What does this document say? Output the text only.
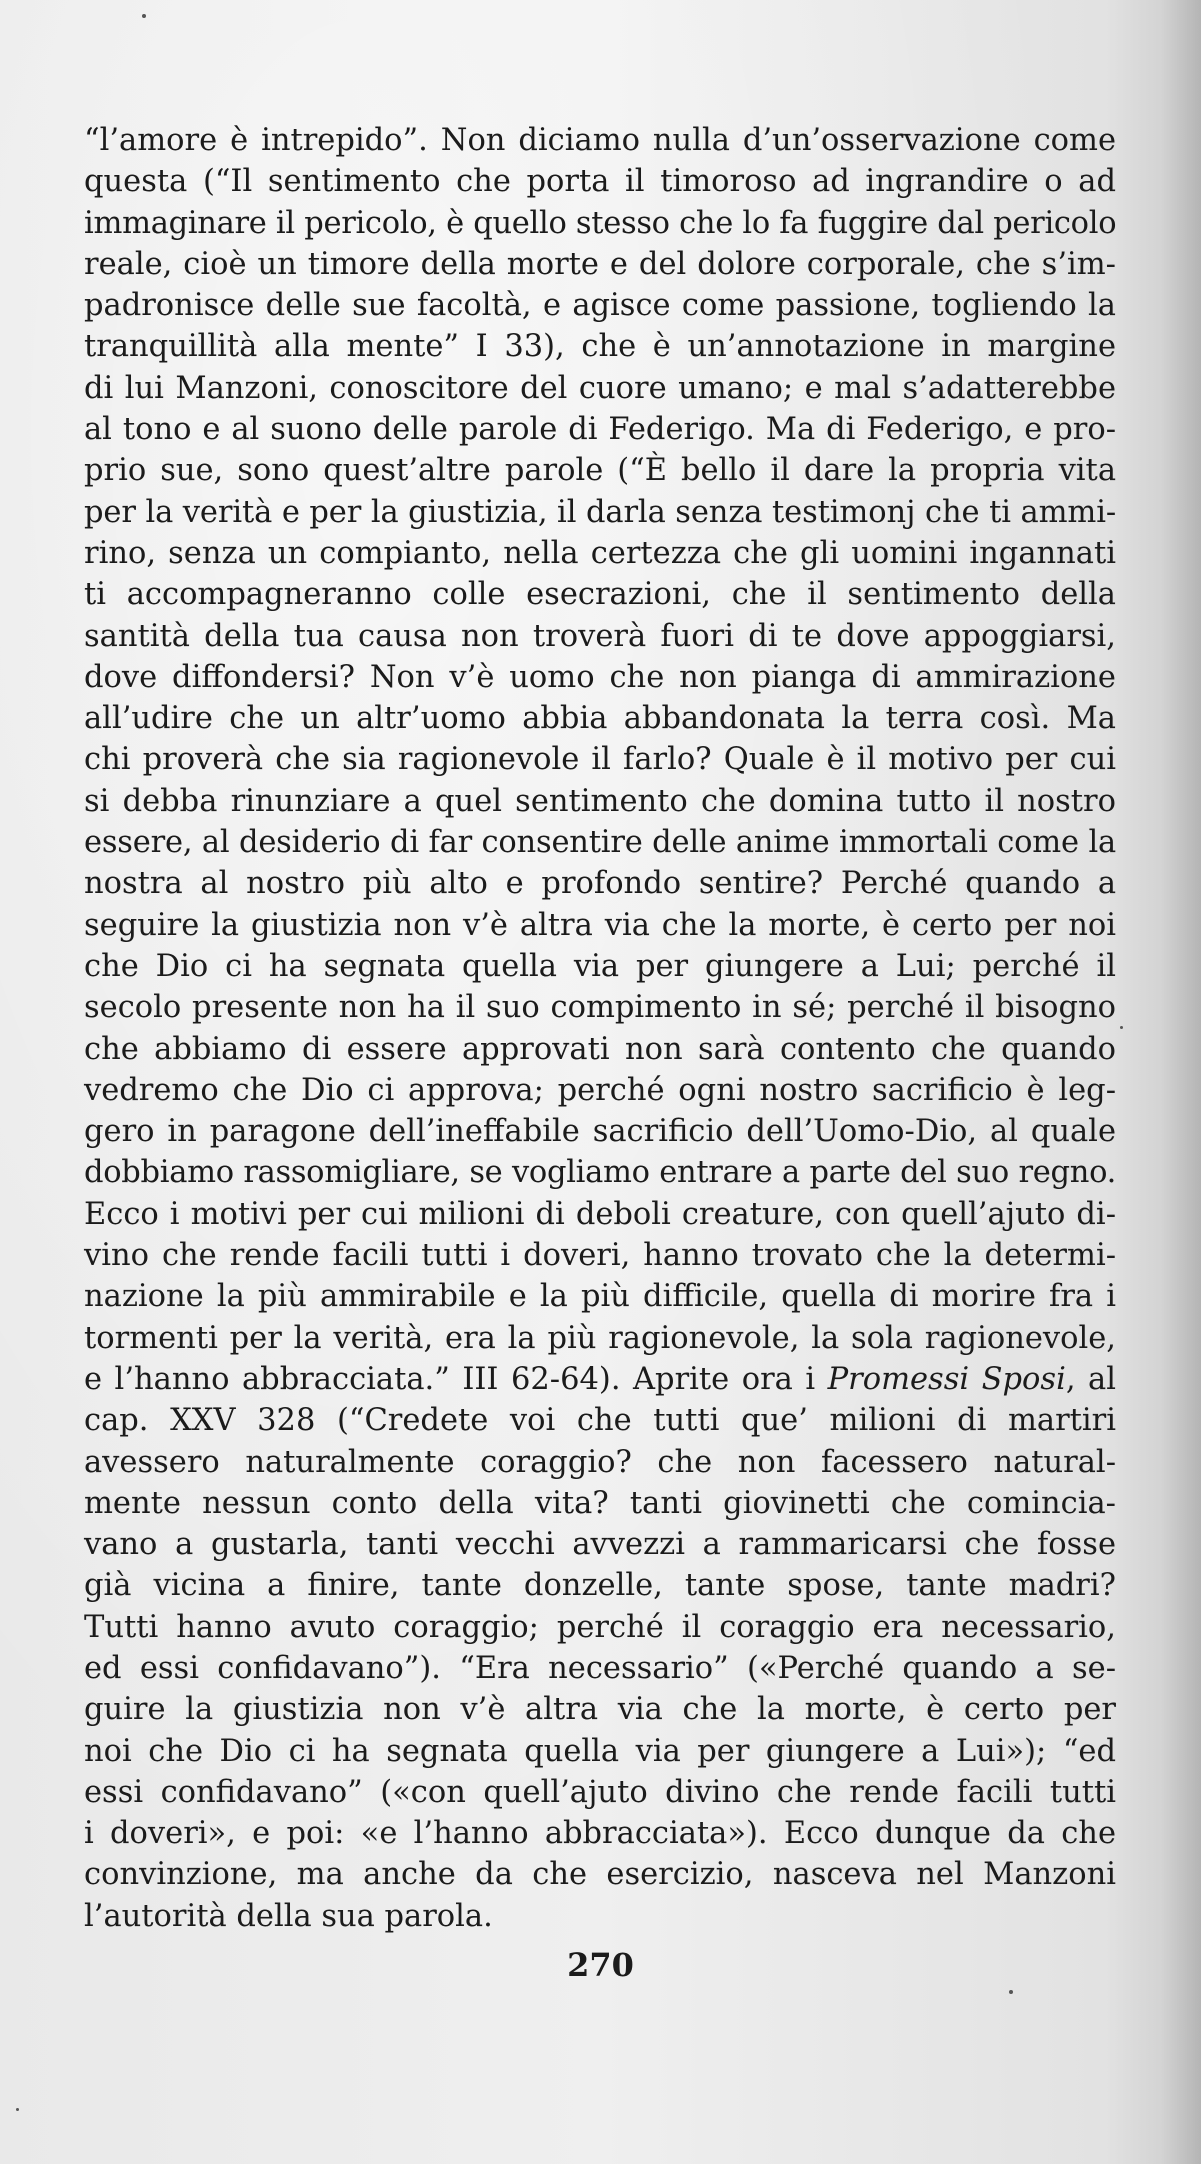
“l’amore è intrepido”. Non diciamo nulla d’un’osservazione come
questa (“Il sentimento che porta il timoroso ad ingrandire o ad
immaginare il pericolo, è quello stesso che lo fa fuggire dal pericolo
reale, cioè un timore della morte e del dolore corporale, che s’im-
padronisce delle sue facoltà, e agisce come passione, togliendo la
tranquillità alla mente” I 33), che è un’annotazione in margine
di lui Manzoni, conoscitore del cuore umano; e mal s’adatterebbe
al tono e al suono delle parole di Federigo. Ma di Federigo, e pro-
prio sue, sono quest’altre parole (“È bello il dare la propria vita
per la verità e per la giustizia, il darla senza testimonj che ti ammi-
rino, senza un compianto, nella certezza che gli uomini ingannati
ti accompagneranno colle esecrazioni, che il sentimento della
santità della tua causa non troverà fuori di te dove appoggiarsi,
dove diffondersi? Non v’è uomo che non pianga di ammirazione
all’udire che un altr’uomo abbia abbandonata la terra così. Ma
chi proverà che sia ragionevole il farlo? Quale è il motivo per cui
si debba rinunziare a quel sentimento che domina tutto il nostro
essere, al desiderio di far consentire delle anime immortali come la
nostra al nostro più alto e profondo sentire? Perché quando a
seguire la giustizia non v’è altra via che la morte, è certo per noi
che Dio ci ha segnata quella via per giungere a Lui; perché il
secolo presente non ha il suo compimento in sé; perché il bisogno
che abbiamo di essere approvati non sarà contento che quando
vedremo che Dio ci approva; perché ogni nostro sacrificio è leg-
gero in paragone dell’ineffabile sacrificio dell’Uomo-Dio, al quale
dobbiamo rassomigliare, se vogliamo entrare a parte del suo regno.
Ecco i motivi per cui milioni di deboli creature, con quell’ajuto di-
vino che rende facili tutti i doveri, hanno trovato che la determi-
nazione la più ammirabile e la più difficile, quella di morire fra i
tormenti per la verità, era la più ragionevole, la sola ragionevole,
e l’hanno abbracciata.” III 62-64). Aprite ora i Promessi Sposi, al
cap. XXV 328 (“Credete voi che tutti que’ milioni di martiri
avessero naturalmente coraggio? che non facessero natural-
mente nessun conto della vita? tanti giovinetti che comincia-
vano a gustarla, tanti vecchi avvezzi a rammaricarsi che fosse
già vicina a finire, tante donzelle, tante spose, tante madri?
Tutti hanno avuto coraggio; perché il coraggio era necessario,
ed essi confidavano”). “Era necessario” («Perché quando a se-
guire la giustizia non v’è altra via che la morte, è certo per
noi che Dio ci ha segnata quella via per giungere a Lui»); “ed
essi confidavano” («con quell’ajuto divino che rende facili tutti
i doveri», e poi: «e l’hanno abbracciata»). Ecco dunque da che
convinzione, ma anche da che esercizio, nasceva nel Manzoni
l’autorità della sua parola.
270
